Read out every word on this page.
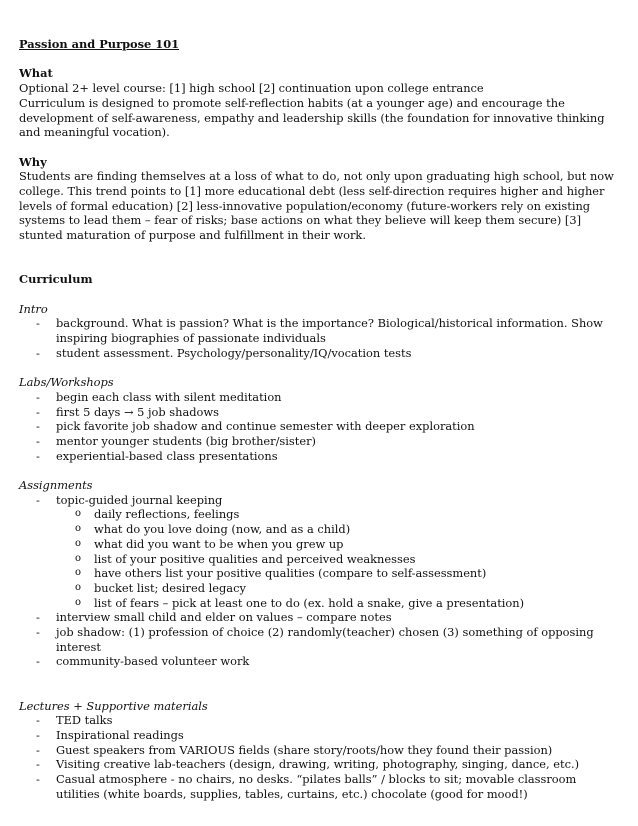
Passion and Purpose 101

What

Optional 2+ level course: [1] high school [2] continuation upon college entrance

Curriculum is designed to promote self-reflection habits (at a younger age) and encourage the development of self-awareness, empathy and leadership skills (the foundation for innovative thinking and meaningful vocation).

Why

Students are finding themselves at a loss of what to do, not only upon graduating high school, but now college. This trend points to [1] more educational debt (less self-direction requires higher and higher levels of formal education) [2] less-innovative population/economy (future-workers rely on existing systems to lead them – fear of risks; base actions on what they believe will keep them secure) [3] stunted maturation of purpose and fulfillment in their work.

Curriculum

Intro

- background. What is passion? What is the importance? Biological/historical information. Show inspiring biographies of passionate individuals
- student assessment. Psychology/personality/IQ/vocation tests

Labs/Workshops

- begin each class with silent meditation
- first 5 days → 5 job shadows
- pick favorite job shadow and continue semester with deeper exploration
- mentor younger students (big brother/sister)
- experiential-based class presentations

Assignments

- topic-guided journal keeping
o daily reflections, feelings
o what do you love doing (now, and as a child)
o what did you want to be when you grew up
o list of your positive qualities and perceived weaknesses
o have others list your positive qualities (compare to self-assessment)
o bucket list; desired legacy
o list of fears – pick at least one to do (ex. hold a snake, give a presentation)
- interview small child and elder on values – compare notes
- job shadow: (1) profession of choice (2) randomly(teacher) chosen (3) something of opposing interest
- community-based volunteer work

Lectures + Supportive materials

- TED talks
- Inspirational readings
- Guest speakers from VARIOUS fields (share story/roots/how they found their passion)
- Visiting creative lab-teachers (design, drawing, writing, photography, singing, dance, etc.)
- Casual atmosphere - no chairs, no desks. “pilates balls” / blocks to sit; movable classroom utilities (white boards, supplies, tables, curtains, etc.) chocolate (good for mood!)
